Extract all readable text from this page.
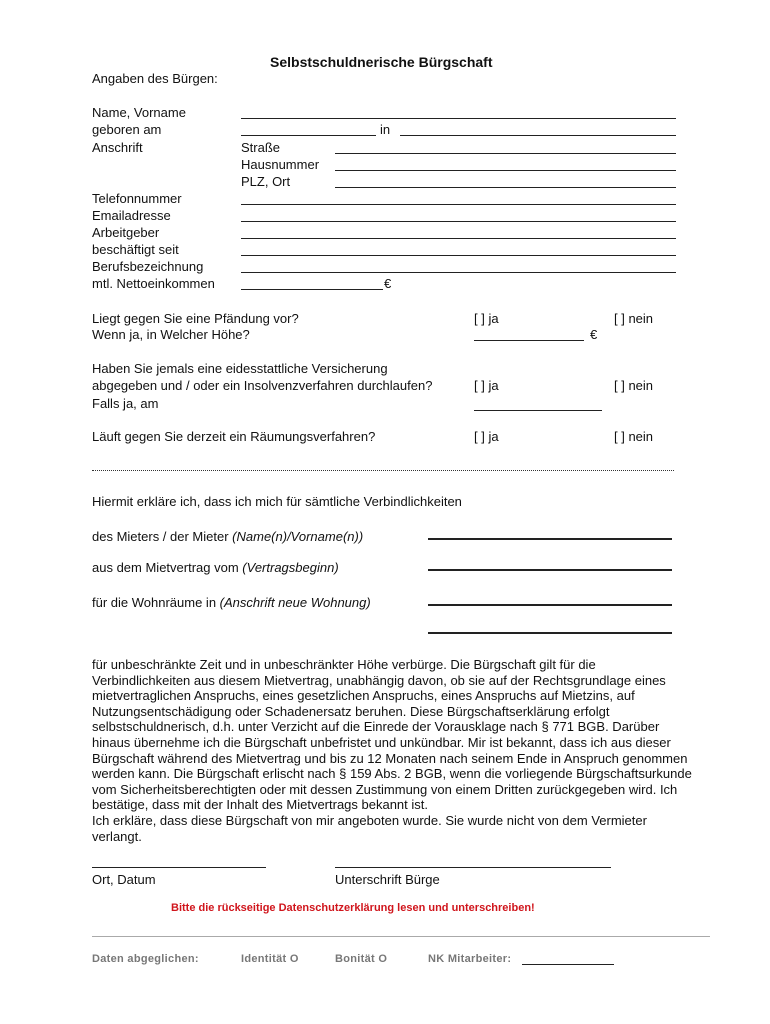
Selbstschuldnerische Bürgschaft
Angaben des Bürgen:
Name, Vorname
geboren am	in
Anschrift	Straße
Hausnummer
PLZ, Ort
Telefonnummer
Emailadresse
Arbeitgeber
beschäftigt seit
Berufsbezeichnung
mtl. Nettoeinkommen	€
Liegt gegen Sie eine Pfändung vor?	[ ] ja	[ ] nein
Wenn ja, in Welcher Höhe?	€
Haben Sie jemals eine eidesstattliche Versicherung
abgegeben und / oder ein Insolvenzverfahren durchlaufen?	[ ] ja	[ ] nein
Falls ja, am
Läuft gegen Sie derzeit ein Räumungsverfahren?	[ ] ja	[ ] nein
Hiermit erkläre ich, dass ich mich für sämtliche Verbindlichkeiten
des Mieters / der Mieter (Name(n)/Vorname(n))
aus dem Mietvertrag vom (Vertragsbeginn)
für die Wohnräume in (Anschrift neue Wohnung)

für unbeschränkte Zeit und in unbeschränkter Höhe verbürge. Die Bürgschaft gilt für die Verbindlichkeiten aus diesem Mietvertrag, unabhängig davon, ob sie auf der Rechtsgrundlage eines mietvertraglichen Anspruchs, eines gesetzlichen Anspruchs, eines Anspruchs auf Mietzins, auf Nutzungsentschädigung oder Schadenersatz beruhen. Diese Bürgschaftserklärung erfolgt selbstschuldnerisch, d.h. unter Verzicht auf die Einrede der Vorausklage nach § 771 BGB. Darüber hinaus übernehme ich die Bürgschaft unbefristet und unkündbar. Mir ist bekannt, dass ich aus dieser Bürgschaft während des Mietvertrag und bis zu 12 Monaten nach seinem Ende in Anspruch genommen werden kann. Die Bürgschaft erlischt nach § 159 Abs. 2 BGB, wenn die vorliegende Bürgschaftsurkunde vom Sicherheitsberechtigten oder mit dessen Zustimmung von einem Dritten zurückgegeben wird. Ich bestätige, dass mit der Inhalt des Mietvertrags bekannt ist.

Ich erkläre, dass diese Bürgschaft von mir angeboten wurde. Sie wurde nicht von dem Vermieter verlangt.

Ort, Datum	Unterschrift Bürge
Bitte die rückseitige Datenschutzerklärung lesen und unterschreiben!
Daten abgeglichen:	Identität O	Bonität O	NK Mitarbeiter:
